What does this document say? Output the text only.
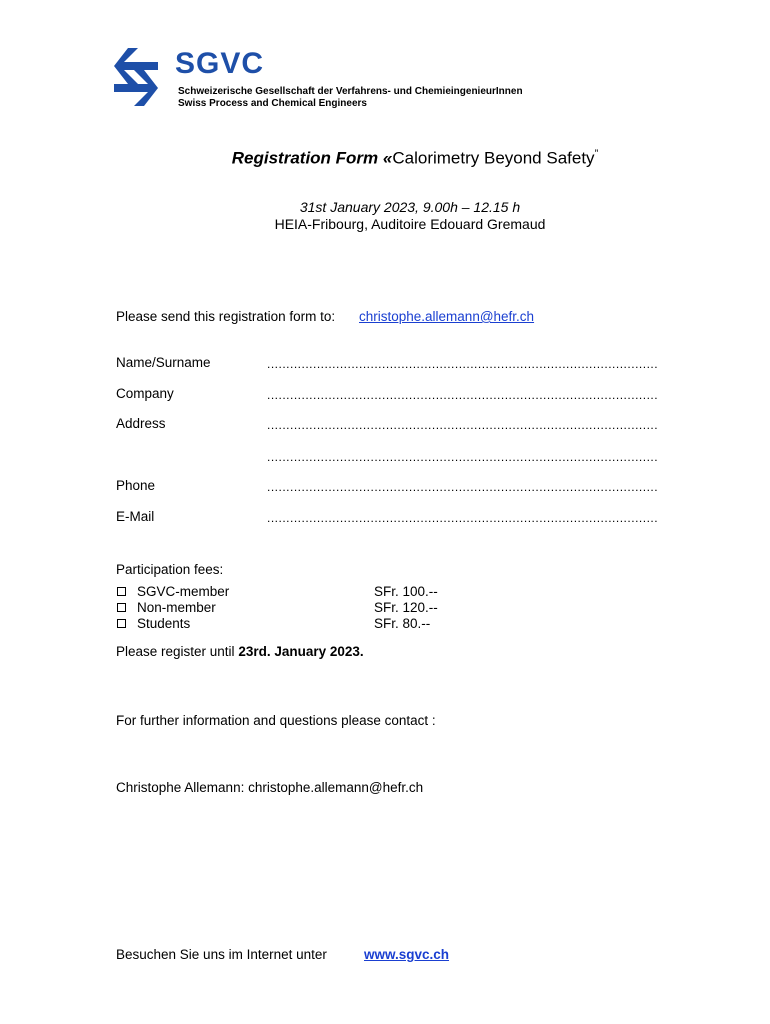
SGVC
Schweizerische Gesellschaft der Verfahrens- und ChemieingenieurInnen
Swiss Process and Chemical Engineers
Registration Form «Calorimetry Beyond Safety”
31st January 2023, 9.00h – 12.15 h
HEIA-Fribourg, Auditoire Edouard Gremaud
Please send this registration form to: christophe.allemann@hefr.ch
Name/Surname	......................................................................................................
Company	......................................................................................................
Address	......................................................................................................
......................................................................................................
Phone	......................................................................................................
E-Mail	......................................................................................................
Participation fees:
SGVC-member	SFr. 100.--
Non-member	SFr. 120.--
Students	SFr. 80.--
Please register until 23rd. January 2023.
For further information and questions please contact :
Christophe Allemann: christophe.allemann@hefr.ch
Besuchen Sie uns im Internet unter	www.sgvc.ch
